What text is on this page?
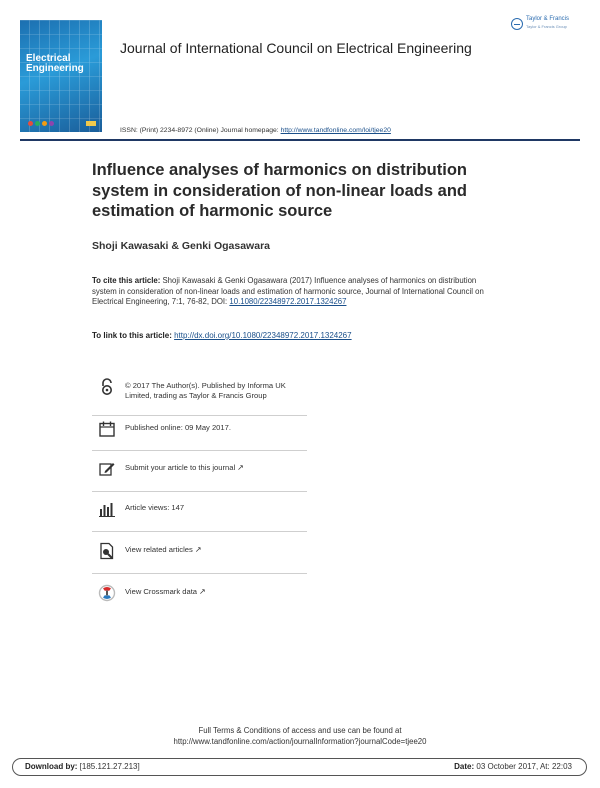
Electrical Engineering
Journal of International Council on Electrical Engineering
Taylor & Francis
Taylor & Francis Group
ISSN: (Print) 2234-8972 (Online) Journal homepage: http://www.tandfonline.com/loi/tjee20
Influence analyses of harmonics on distribution system in consideration of non-linear loads and estimation of harmonic source
Shoji Kawasaki & Genki Ogasawara
To cite this article: Shoji Kawasaki & Genki Ogasawara (2017) Influence analyses of harmonics on distribution system in consideration of non-linear loads and estimation of harmonic source, Journal of International Council on Electrical Engineering, 7:1, 76-82, DOI: 10.1080/22348972.2017.1324267
To link to this article: http://dx.doi.org/10.1080/22348972.2017.1324267
© 2017 The Author(s). Published by Informa UK Limited, trading as Taylor & Francis Group
Published online: 09 May 2017.
Submit your article to this journal ↗
Article views: 147
View related articles ↗
View Crossmark data ↗
Full Terms & Conditions of access and use can be found at
http://www.tandfonline.com/action/journalInformation?journalCode=tjee20
Download by: [185.121.27.213]	Date: 03 October 2017, At: 22:03
